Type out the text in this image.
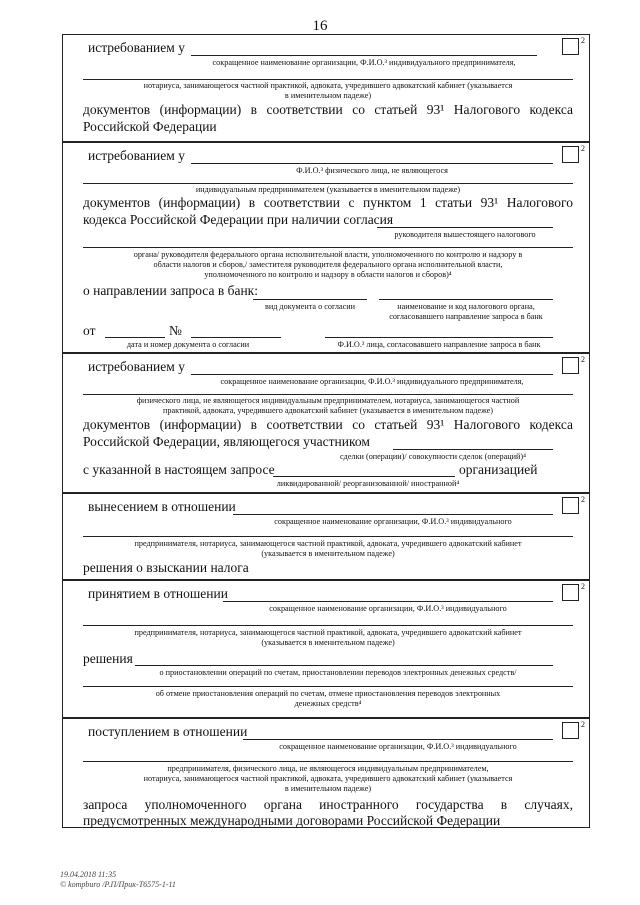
16
истребованием у	2
сокращенное наименование организации, Ф.И.О.³ индивидуального предпринимателя,
нотариуса, занимающегося частной практикой, адвоката, учредившего адвокатский кабинет (указывается
в именительном падеже)
документов (информации) в соответствии со статьей 93¹ Налогового кодекса
Российской Федерации
истребованием у	2
Ф.И.О.³ физического лица, не являющегося
индивидуальным предпринимателем (указывается в именительном падеже)
документов (информации) в соответствии с пунктом 1 статьи 93¹ Налогового
кодекса Российской Федерации при наличии согласия
руководителя вышестоящего налогового
органа/ руководителя федерального органа исполнительной власти, уполномоченного по контролю и надзору в
области налогов и сборов,/ заместителя руководителя федерального органа исполнительной власти,
уполномоченного по контролю и надзору в области налогов и сборов)⁴
о направлении запроса в банк:
вид документа о согласии	наименование и код налогового органа,
согласовавшего направление запроса в банк
от	№
дата и номер документа о согласии	Ф.И.О.³ лица, согласовавшего направление запроса в банк
истребованием у	2
сокращенное наименование организации, Ф.И.О.³ индивидуального предпринимателя,
физического лица, не являющегося индивидуальным предпринимателем, нотариуса, занимающегося частной
практикой, адвоката, учредившего адвокатский кабинет (указывается в именительном падеже)
документов (информации) в соответствии со статьей 93¹ Налогового кодекса
Российской Федерации, являющегося участником
сделки (операции)/ совокупности сделок (операций)⁴
с указанной в настоящем запросе	организацией
ликвидированной/ реорганизованной/ иностранной⁴
вынесением в отношении	2
сокращенное наименование организации, Ф.И.О.³ индивидуального
предпринимателя, нотариуса, занимающегося частной практикой, адвоката, учредившего адвокатский кабинет
(указывается в именительном падеже)
решения о взыскании налога
принятием в отношении	2
сокращенное наименование организации, Ф.И.О.³ индивидуального
предпринимателя, нотариуса, занимающегося частной практикой, адвоката, учредившего адвокатский кабинет
(указывается в именительном падеже)
решения
о приостановлении операций по счетам, приостановлении переводов электронных денежных средств/
об отмене приостановления операций по счетам, отмене приостановления переводов электронных
денежных средств⁴
поступлением в отношении	2
сокращенное наименование организации, Ф.И.О.³ индивидуального
предпринимателя, физического лица, не являющегося индивидуальным предпринимателем,
нотариуса, занимающегося частной практикой, адвоката, учредившего адвокатский кабинет (указывается
в именительном падеже)
запроса уполномоченного органа иностранного государства в случаях,
предусмотренных международными договорами Российской Федерации
19.04.2018 11:35
© kompburo /Р.П/Прик-Т6575-1-11
